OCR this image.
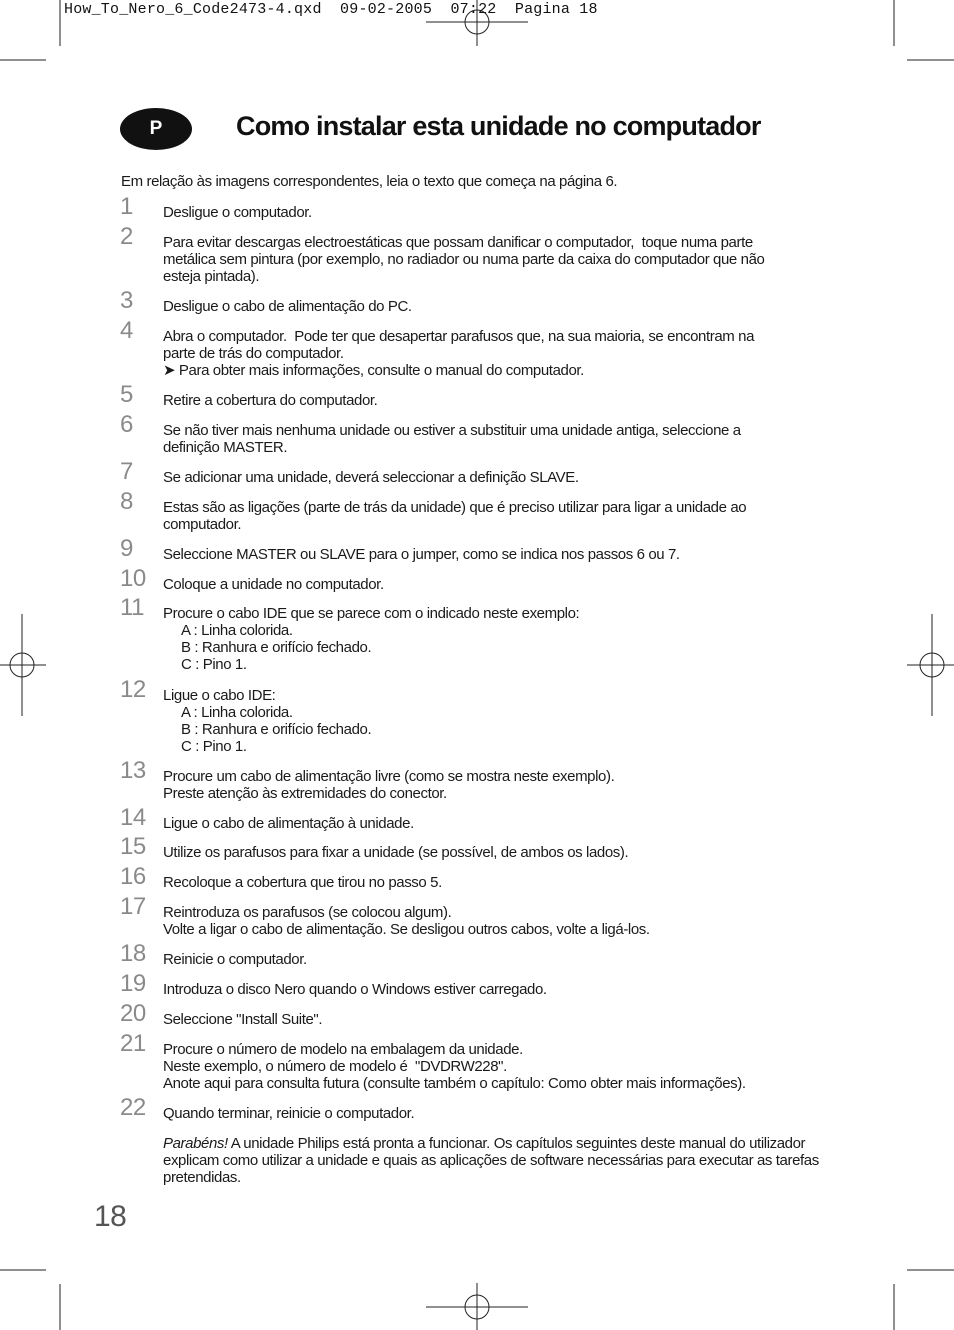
How_To_Nero_6_Code2473-4.qxd  09-02-2005  07:22  Pagina 18
P	Como instalar esta unidade no computador

Em relação às imagens correspondentes, leia o texto que começa na página 6.

1 Desligue o computador.
2 Para evitar descargas electroestáticas que possam danificar o computador,  toque numa parte
metálica sem pintura (por exemplo, no radiador ou numa parte da caixa do computador que não
esteja pintada).
3 Desligue o cabo de alimentação do PC.
4 Abra o computador.  Pode ter que desapertar parafusos que, na sua maioria, se encontram na
parte de trás do computador.
➤ Para obter mais informações, consulte o manual do computador.
5 Retire a cobertura do computador.
6 Se não tiver mais nenhuma unidade ou estiver a substituir uma unidade antiga, seleccione a
definição MASTER.
7 Se adicionar uma unidade, deverá seleccionar a definição SLAVE.
8 Estas são as ligações (parte de trás da unidade) que é preciso utilizar para ligar a unidade ao
computador.
9 Seleccione MASTER ou SLAVE para o jumper, como se indica nos passos 6 ou 7.
10 Coloque a unidade no computador.
11 Procure o cabo IDE que se parece com o indicado neste exemplo:
A : Linha colorida.
B : Ranhura e orifício fechado.
C : Pino 1.
12 Ligue o cabo IDE:
A : Linha colorida.
B : Ranhura e orifício fechado.
C : Pino 1.
13 Procure um cabo de alimentação livre (como se mostra neste exemplo).
Preste atenção às extremidades do conector.
14 Ligue o cabo de alimentação à unidade.
15 Utilize os parafusos para fixar a unidade (se possível, de ambos os lados).
16 Recoloque a cobertura que tirou no passo 5.
17 Reintroduza os parafusos (se colocou algum).
Volte a ligar o cabo de alimentação. Se desligou outros cabos, volte a ligá-los.
18 Reinicie o computador.
19 Introduza o disco Nero quando o Windows estiver carregado.
20 Seleccione "Install Suite".
21 Procure o número de modelo na embalagem da unidade.
Neste exemplo, o número de modelo é  "DVDRW228".
Anote aqui para consulta futura (consulte também o capítulo: Como obter mais informações).
22 Quando terminar, reinicie o computador.

Parabéns! A unidade Philips está pronta a funcionar. Os capítulos seguintes deste manual do utilizador explicam como utilizar a unidade e quais as aplicações de software necessárias para executar as tarefas pretendidas.

18
